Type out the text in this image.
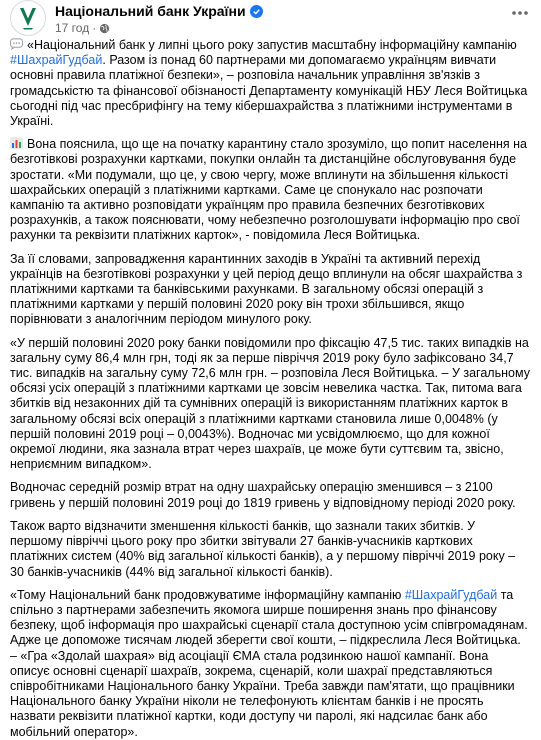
Національний банк України
17 год ·

«Національний банк у липні цього року запустив масштабну інформаційну кампанію #ШахрайГудбай. Разом із понад 60 партнерами ми допомагаємо українцям вивчати основні правила платіжної безпеки», – розповіла начальник управління зв'язків з громадськістю та фінансової обізнаності Департаменту комунікацій НБУ Леся Войтицька сьогодні під час пресбрифінгу на тему кібершахрайства з платіжними інструментами в Україні.

Вона пояснила, що ще на початку карантину стало зрозуміло, що попит населення на безготівкові розрахунки картками, покупки онлайн та дистанційне обслуговування буде зростати. «Ми подумали, що це, у свою чергу, може вплинути на збільшення кількості шахрайських операцій з платіжними картками. Саме це спонукало нас розпочати кампанію та активно розповідати українцям про правила безпечних безготівкових розрахунків, а також пояснювати, чому небезпечно розголошувати інформацію про свої рахунки та реквізити платіжних карток», - повідомила Леся Войтицька.

За її словами, запровадження карантинних заходів в Україні та активний перехід українців на безготівкові розрахунки у цей період дещо вплинули на обсяг шахрайства з платіжними картками та банківськими рахунками. В загальному обсязі операцій з платіжними картками у першій половині 2020 року він трохи збільшився, якщо порівнювати з аналогічним періодом минулого року.

«У першій половині 2020 року банки повідомили про фіксацію 47,5 тис. таких випадків на загальну суму 86,4 млн грн, тоді як за перше півріччя 2019 року було зафіксовано 34,7 тис. випадків на загальну суму 72,6 млн грн. – розповіла Леся Войтицька. – У загальному обсязі усіх операцій з платіжними картками це зовсім невелика частка. Так, питома вага збитків від незаконних дій та сумнівних операцій із використанням платіжних карток в загальному обсязі всіх операцій з платіжними картками становила лише 0,0048% (у першій половині 2019 році – 0,0043%). Водночас ми усвідомлюємо, що для кожної окремої людини, яка зазнала втрат через шахраїв, це може бути суттєвим та, звісно, неприємним випадком».

Водночас середній розмір втрат на одну шахрайську операцію зменшився – з 2100 гривень у першій половині 2019 році до 1819 гривень у відповідному періоді 2020 року.

Також варто відзначити зменшення кількості банків, що зазнали таких збитків. У першому півріччі цього року про збитки звітували 27 банків-учасників карткових платіжних систем (40% від загальної кількості банків), а у першому півріччі 2019 року – 30 банків-учасників (44% від загальної кількості банків).

«Тому Національний банк продовжуватиме інформаційну кампанію #ШахрайГудбай та спільно з партнерами забезпечить якомога ширше поширення знань про фінансову безпеку, щоб інформація про шахрайські сценарії стала доступною усім співгромадянам. Адже це допоможе тисячам людей зберегти свої кошти, – підкреслила Леся Войтицька. – «Гра «Здолай шахрая» від асоціації ЄМА стала родзинкою нашої кампанії. Вона описує основні сценарії шахраїв, зокрема, сценарій, коли шахраї представляються співробітниками Національного банку України. Треба завжди пам'ятати, що працівники Національного банку України ніколи не телефонують клієнтам банків і не просять назвати реквізити платіжної картки, коди доступу чи паролі, які надсилає банк або мобільний оператор».
